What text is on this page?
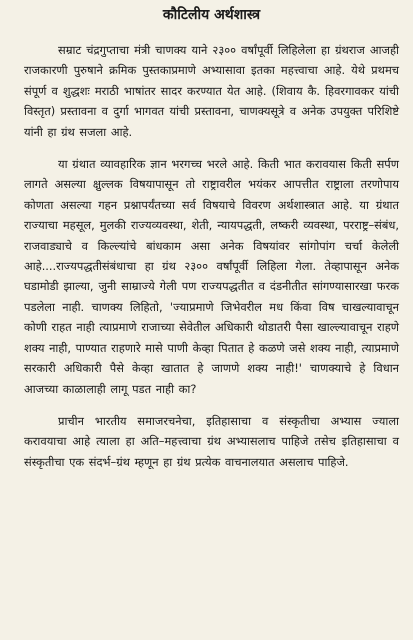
कौटिलीय अर्थशास्त्र

सम्राट चंद्रगुप्ताचा मंत्री चाणक्य याने २३०० वर्षांपूर्वी लिहिलेला हा ग्रंथराज आजही राजकारणी पुरुषाने क्रमिक पुस्तकाप्रमाणे अभ्यासावा इतका महत्त्वाचा आहे. येथे प्रथमच संपूर्ण व शुद्धशः मराठी भाषांतर सादर करण्यात येत आहे. (शिवाय कै. हिवरगावकर यांची विस्तृत) प्रस्तावना व दुर्गा भागवत यांची प्रस्तावना, चाणक्यसूत्रे व अनेक उपयुक्त परिशिष्टे यांनी हा ग्रंथ सजला आहे.

या ग्रंथात व्यावहारिक ज्ञान भरगच्च भरले आहे. किती भात करावयास किती सर्पण लागते असल्या क्षुल्लक विषयापासून तो राष्ट्रावरील भयंकर आपत्तीत राष्ट्राला तरणोपाय कोणता असल्या गहन प्रश्नापर्यंतच्या सर्व विषयाचे विवरण अर्थशास्त्रात आहे. या ग्रंथात राज्याचा महसूल, मुलकी राज्यव्यवस्था, शेती, न्यायपद्धती, लष्करी व्यवस्था, परराष्ट्र–संबंध, राजवाड्याचे व किल्ल्यांचे बांधकाम असा अनेक विषयांवर सांगोपांग चर्चा केलेली आहे....राज्यपद्धतीसंबंधाचा हा ग्रंथ २३०० वर्षांपूर्वी लिहिला गेला. तेव्हापासून अनेक घडामोडी झाल्या, जुनी साम्राज्ये गेली पण राज्यपद्धतीत व दंडनीतीत सांगण्यासारखा फरक पडलेला नाही. चाणक्य लिहितो, 'ज्याप्रमाणे जिभेवरील मध किंवा विष चाखल्यावाचून कोणी राहत नाही त्याप्रमाणे राजाच्या सेवेतील अधिकारी थोडातरी पैसा खाल्ल्यावाचून राहणे शक्य नाही, पाण्यात राहणारे मासे पाणी केव्हा पितात हे कळणे जसे शक्य नाही, त्याप्रमाणे सरकारी अधिकारी पैसे केव्हा खातात हे जाणणे शक्य नाही!' चाणक्याचे हे विधान आजच्या काळालाही लागू पडत नाही का?

प्राचीन भारतीय समाजरचनेचा, इतिहासाचा व संस्कृतीचा अभ्यास ज्याला करावयाचा आहे त्याला हा अति–महत्त्वाचा ग्रंथ अभ्यासलाच पाहिजे तसेच इतिहासाचा व संस्कृतीचा एक संदर्भ–ग्रंथ म्हणून हा ग्रंथ प्रत्येक वाचनालयात असलाच पाहिजे.
